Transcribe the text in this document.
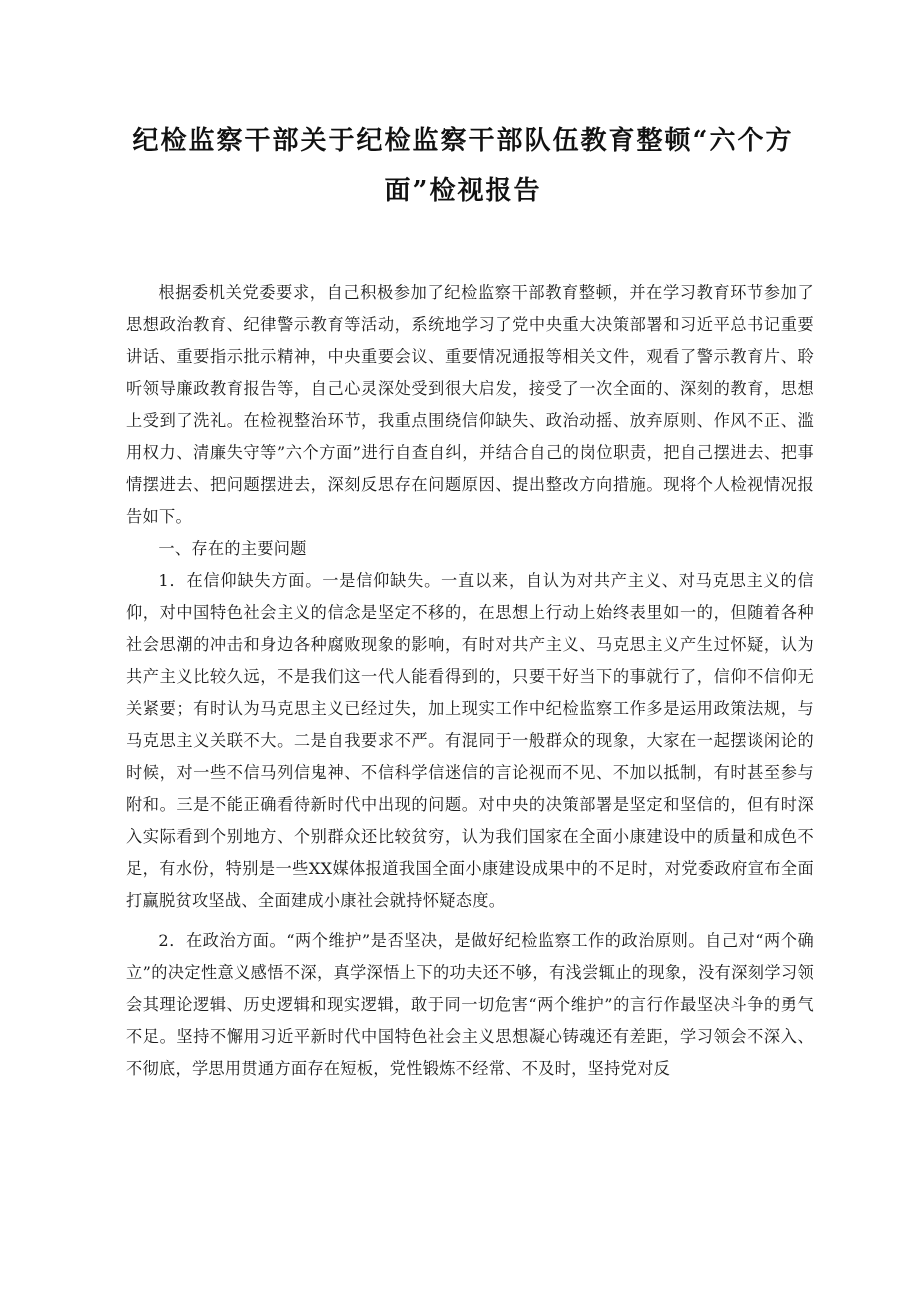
纪检监察干部关于纪检监察干部队伍教育整顿“六个方面”检视报告

根据委机关党委要求，自己积极参加了纪检监察干部教育整顿，并在学习教育环节参加了思想政治教育、纪律警示教育等活动，系统地学习了党中央重大决策部署和习近平总书记重要讲话、重要指示批示精神，中央重要会议、重要情况通报等相关文件，观看了警示教育片、聆听领导廉政教育报告等，自己心灵深处受到很大启发，接受了一次全面的、深刻的教育，思想上受到了洗礼。在检视整治环节，我重点围绕信仰缺失、政治动摇、放弃原则、作风不正、滥用权力、清廉失守等”六个方面”进行自查自纠，并结合自己的岗位职责，把自己摆进去、把事情摆进去、把问题摆进去，深刻反思存在问题原因、提出整改方向措施。现将个人检视情况报告如下。

一、存在的主要问题

1．在信仰缺失方面。一是信仰缺失。一直以来，自认为对共产主义、对马克思主义的信仰，对中国特色社会主义的信念是坚定不移的，在思想上行动上始终表里如一的，但随着各种社会思潮的冲击和身边各种腐败现象的影响，有时对共产主义、马克思主义产生过怀疑，认为共产主义比较久远，不是我们这一代人能看得到的，只要干好当下的事就行了，信仰不信仰无关紧要；有时认为马克思主义已经过失，加上现实工作中纪检监察工作多是运用政策法规，与马克思主义关联不大。二是自我要求不严。有混同于一般群众的现象，大家在一起摆谈闲论的时候，对一些不信马列信鬼神、不信科学信迷信的言论视而不见、不加以抵制，有时甚至参与附和。三是不能正确看待新时代中出现的问题。对中央的决策部署是坚定和坚信的，但有时深入实际看到个别地方、个别群众还比较贫穷，认为我们国家在全面小康建设中的质量和成色不足，有水份，特别是一些XX媒体报道我国全面小康建设成果中的不足时，对党委政府宣布全面打赢脱贫攻坚战、全面建成小康社会就持怀疑态度。

2．在政治方面。“两个维护”是否坚决，是做好纪检监察工作的政治原则。自己对“两个确立”的决定性意义感悟不深，真学深悟上下的功夫还不够，有浅尝辄止的现象，没有深刻学习领会其理论逻辑、历史逻辑和现实逻辑，敢于同一切危害“两个维护”的言行作最坚决斗争的勇气不足。坚持不懈用习近平新时代中国特色社会主义思想凝心铸魂还有差距，学习领会不深入、不彻底，学思用贯通方面存在短板，党性锻炼不经常、不及时，坚持党对反
